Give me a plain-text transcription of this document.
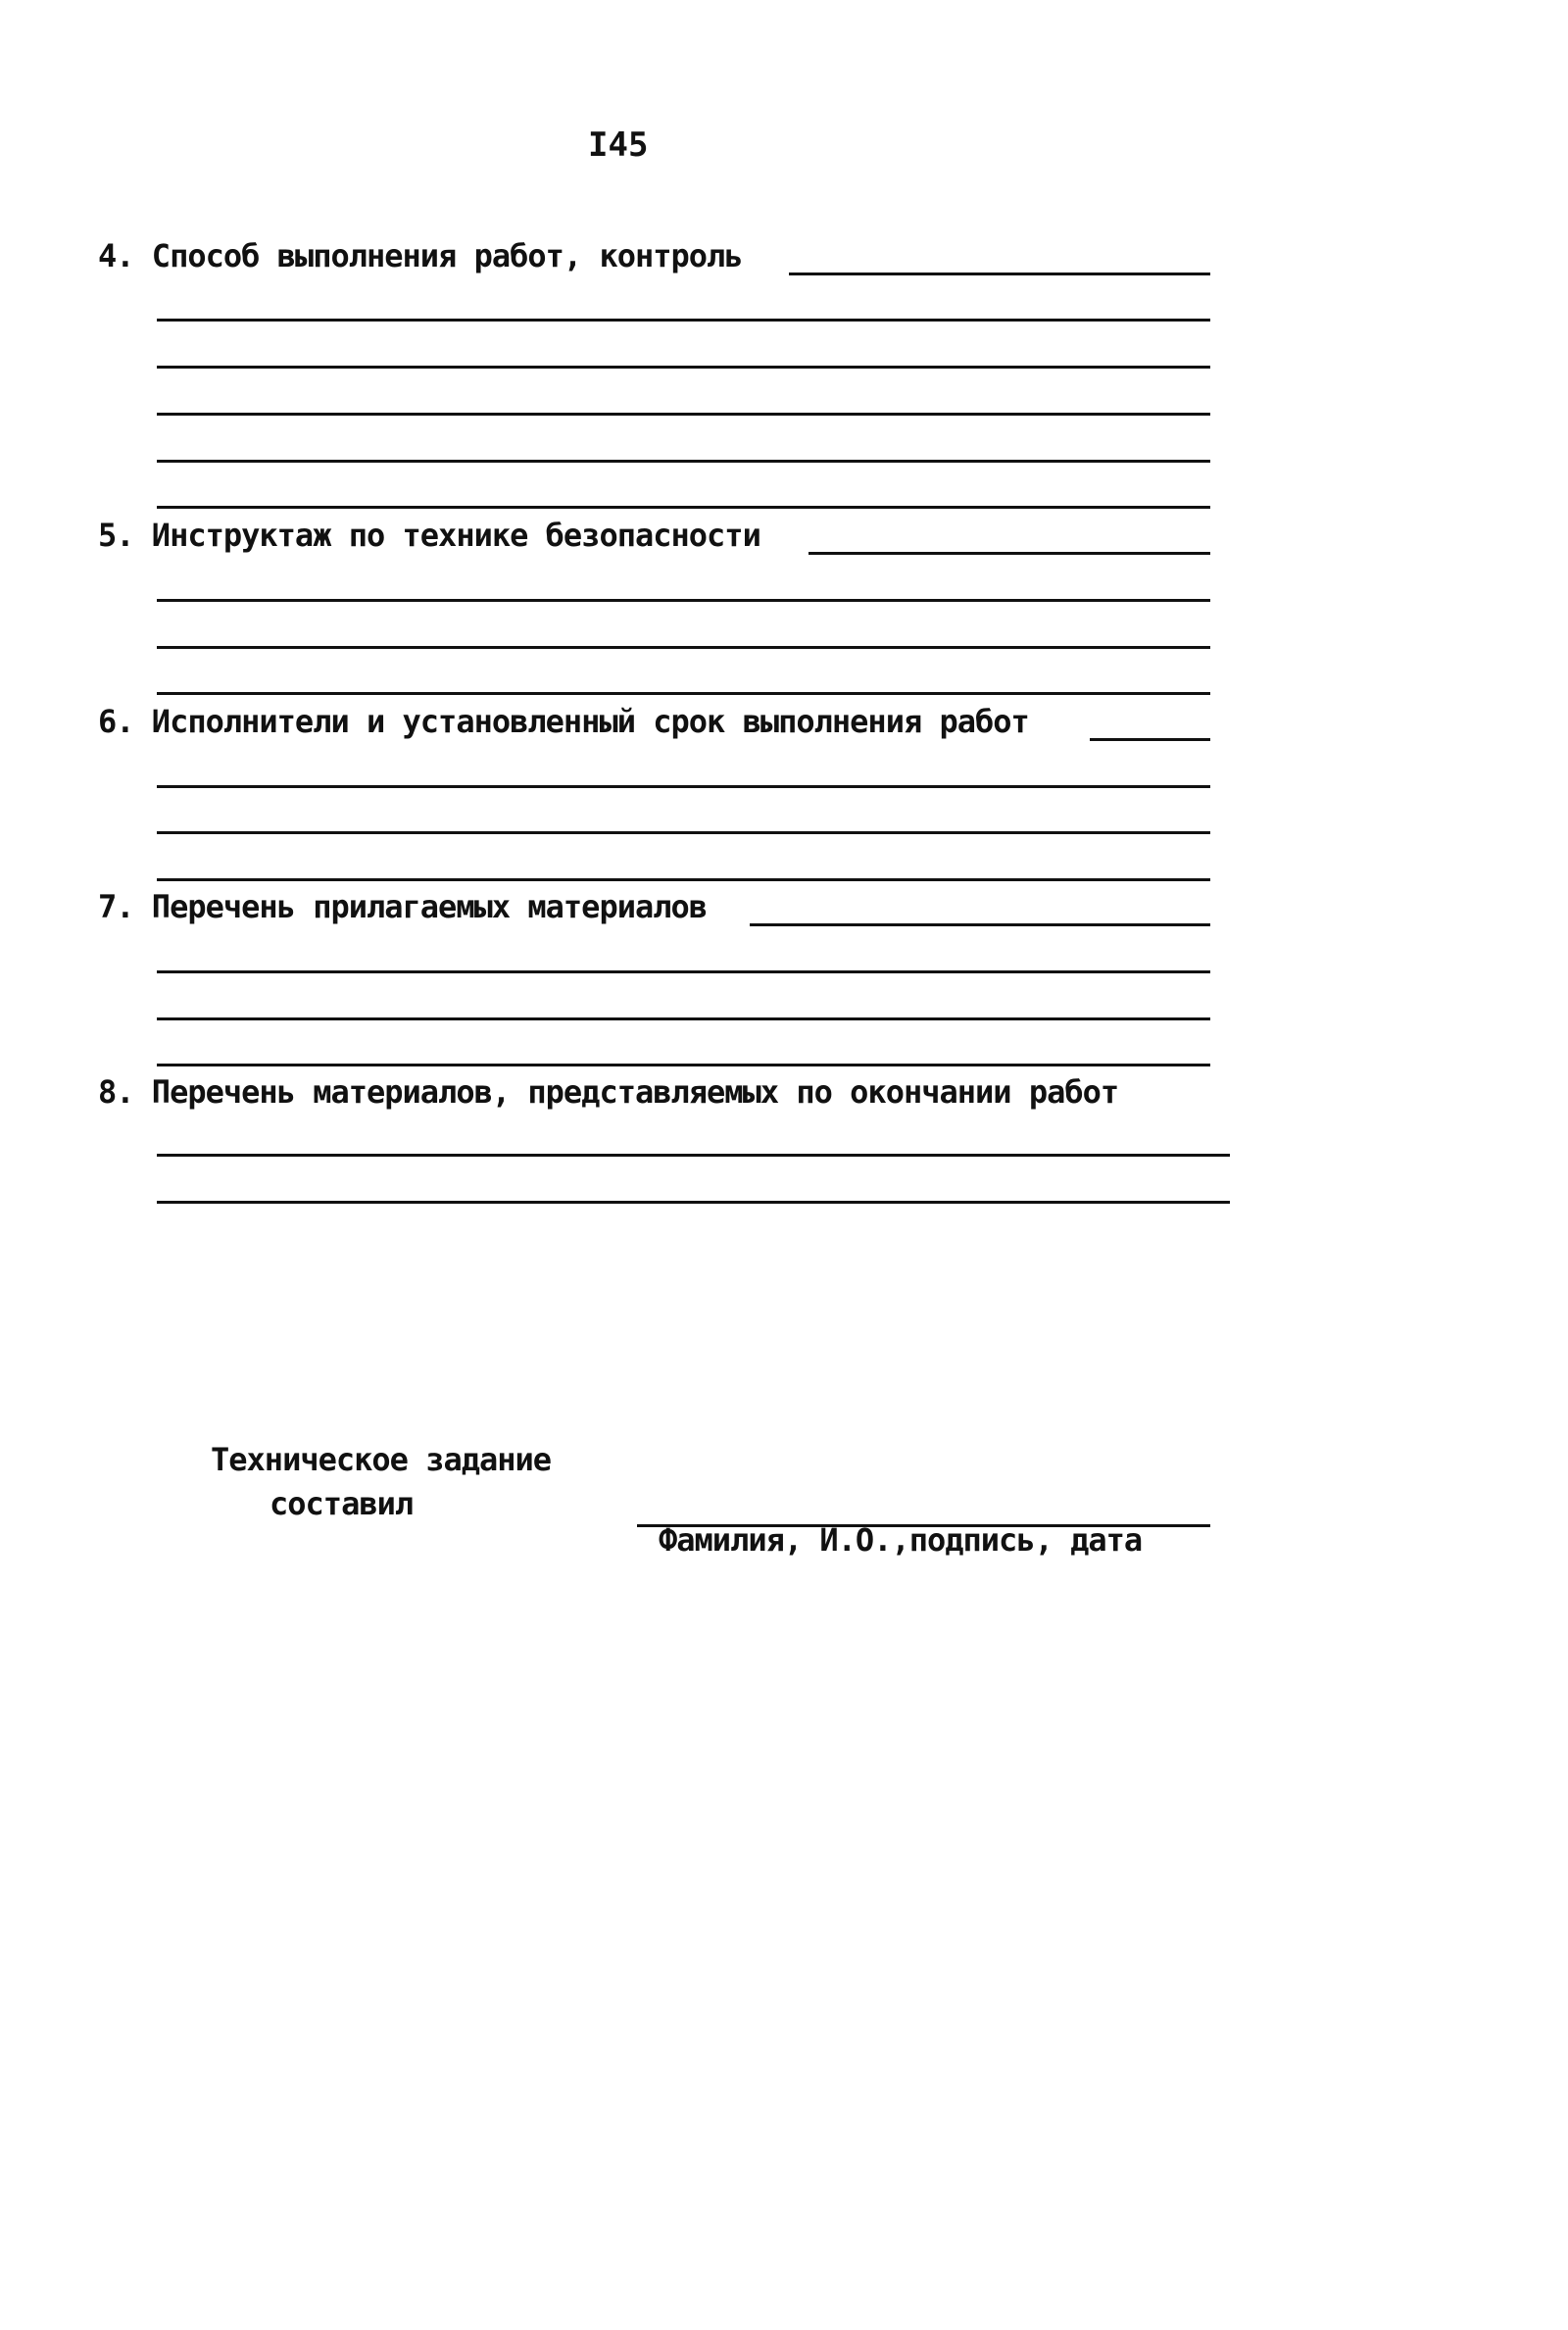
I45
4. Способ выполнения работ, контроль
5. Инструктаж по технике безопасности
6. Исполнители и установленный срок выполнения работ
7. Перечень прилагаемых материалов
8. Перечень материалов, представляемых по окончании работ
Техническое задание
составил
Фамилия, И.О.,подпись, дата
